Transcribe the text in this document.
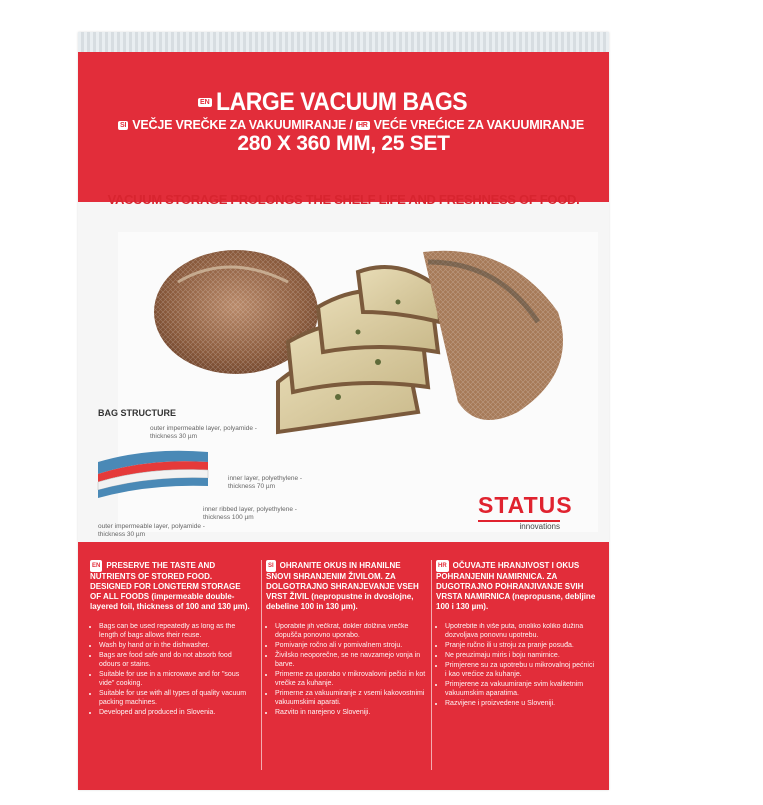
EN LARGE VACUUM BAGS
SI VEČJE VREČKE ZA VAKUUMIRANJE / HR VEĆE VREĆICE ZA VAKUUMIRANJE
280 X 360 MM, 25 SET
VACUUM STORAGE PROLONGS THE SHELF LIFE AND FRESHNESS OF FOOD.
BAG STRUCTURE
outer impermeable layer, polyamide - thickness 30 µm
inner layer, polyethylene - thickness 70 µm
inner ribbed layer, polyethylene - thickness 100 µm
outer impermeable layer, polyamide - thickness 30 µm
STATUS
innovations
EN PRESERVE THE TASTE AND NUTRIENTS OF STORED FOOD. DESIGNED FOR LONGTERM STORAGE OF ALL FOODS (impermeable double-layered foil, thickness of 100 and 130 µm).
• Bags can be used repeatedly as long as the length of bags allows their reuse.
• Wash by hand or in the dishwasher.
• Bags are food safe and do not absorb food odours or stains.
• Suitable for use in a microwave and for "sous vide" cooking.
• Suitable for use with all types of quality vacuum packing machines.
• Developed and produced in Slovenia.
SI OHRANITE OKUS IN HRANILNE SNOVI SHRANJENIM ŽIVILOM. ZA DOLGOTRAJNO SHRANJEVANJE VSEH VRST ŽIVIL (nepropustne in dvoslojne, debeline 100 in 130 µm).
• Uporabite jih večkrat, dokler dolžina vrečke dopušča ponovno uporabo.
• Pomivanje ročno ali v pomivalnem stroju.
• Živilsko neoporečne, se ne navzamejo vonja in barve.
• Primerne za uporabo v mikrovalovni pečici in kot vrečke za kuhanje.
• Primerne za vakuumiranje z vsemi kakovostnimi vakuumskimi aparati.
• Razvito in narejeno v Sloveniji.
HR OČUVAJTE HRANJIVOST I OKUS POHRANJENIH NAMIRNICA. ZA DUGOTRAJNO POHRANJIVANJE SVIH VRSTA NAMIRNICA (nepropusne, debljine 100 i 130 µm).
• Upotrebite ih više puta, onoliko koliko dužina dozvoljava ponovnu upotrebu.
• Pranje ručno ili u stroju za pranje posuđa.
• Ne preuzimaju miris i boju namirnice.
• Primjerene su za upotrebu u mikrovalnoj pećnici i kao vrećice za kuhanje.
• Primjerene za vakuumiranje svim kvalitetnim vakuumskim aparatima.
• Razvijene i proizvedene u Sloveniji.
